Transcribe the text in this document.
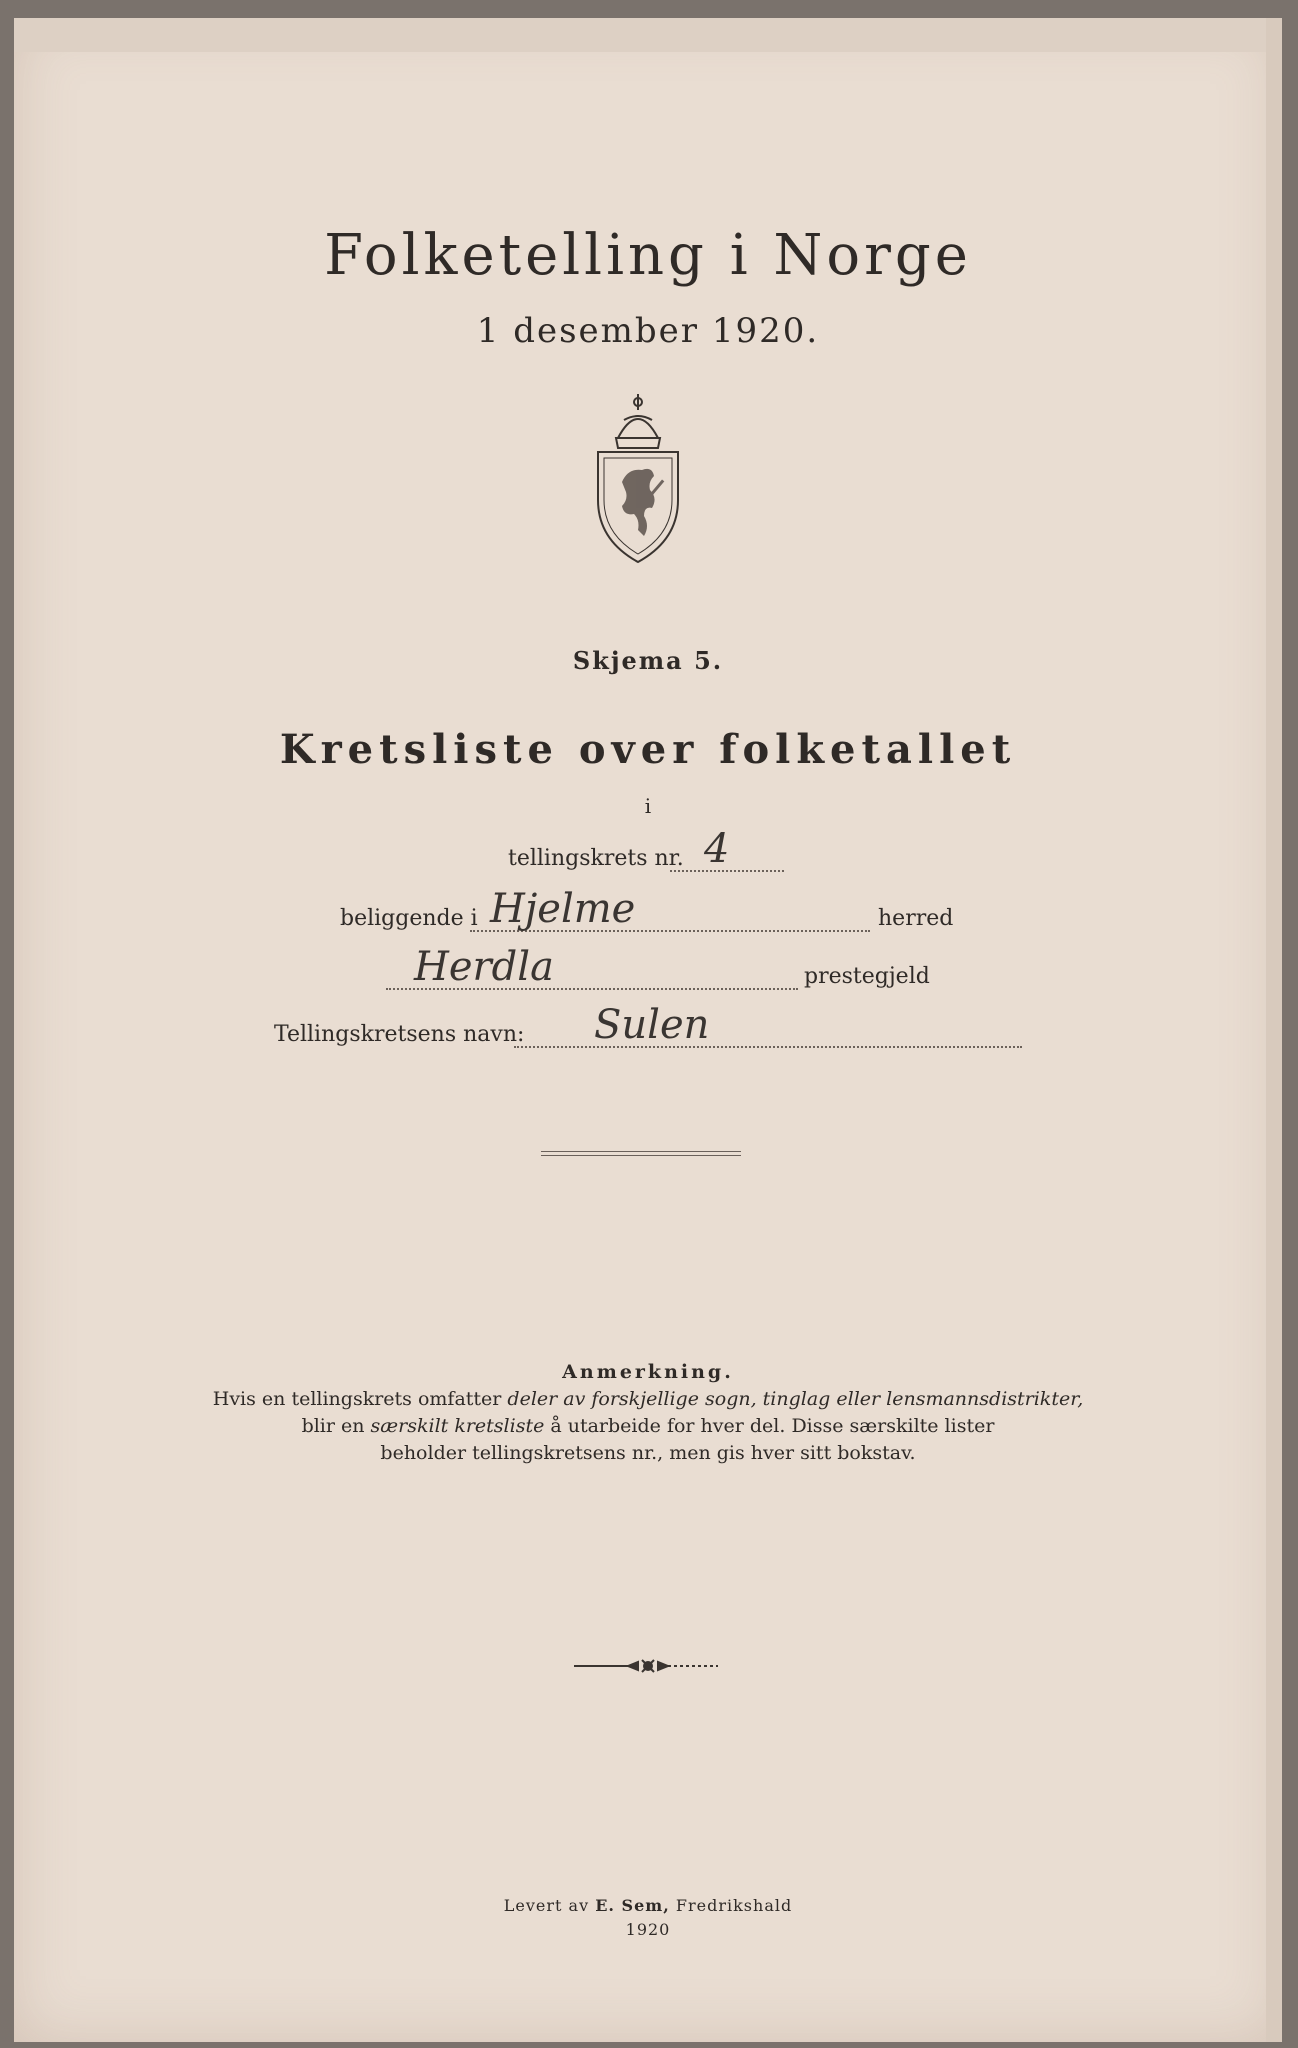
Folketelling i Norge
1 desember 1920.
Skjema 5.
Kretsliste over folketallet
i
tellingskrets nr. 4
beliggende i Hjelme	herred
Herdla	prestegjeld
Tellingskretsens navn: Sulen
Anmerkning.
Hvis en tellingskrets omfatter deler av forskjellige sogn, tinglag eller lensmannsdistrikter,
blir en særskilt kretsliste å utarbeide for hver del. Disse særskilte lister
beholder tellingskretsens nr., men gis hver sitt bokstav.
Levert av E. Sem, Fredrikshald
1920
